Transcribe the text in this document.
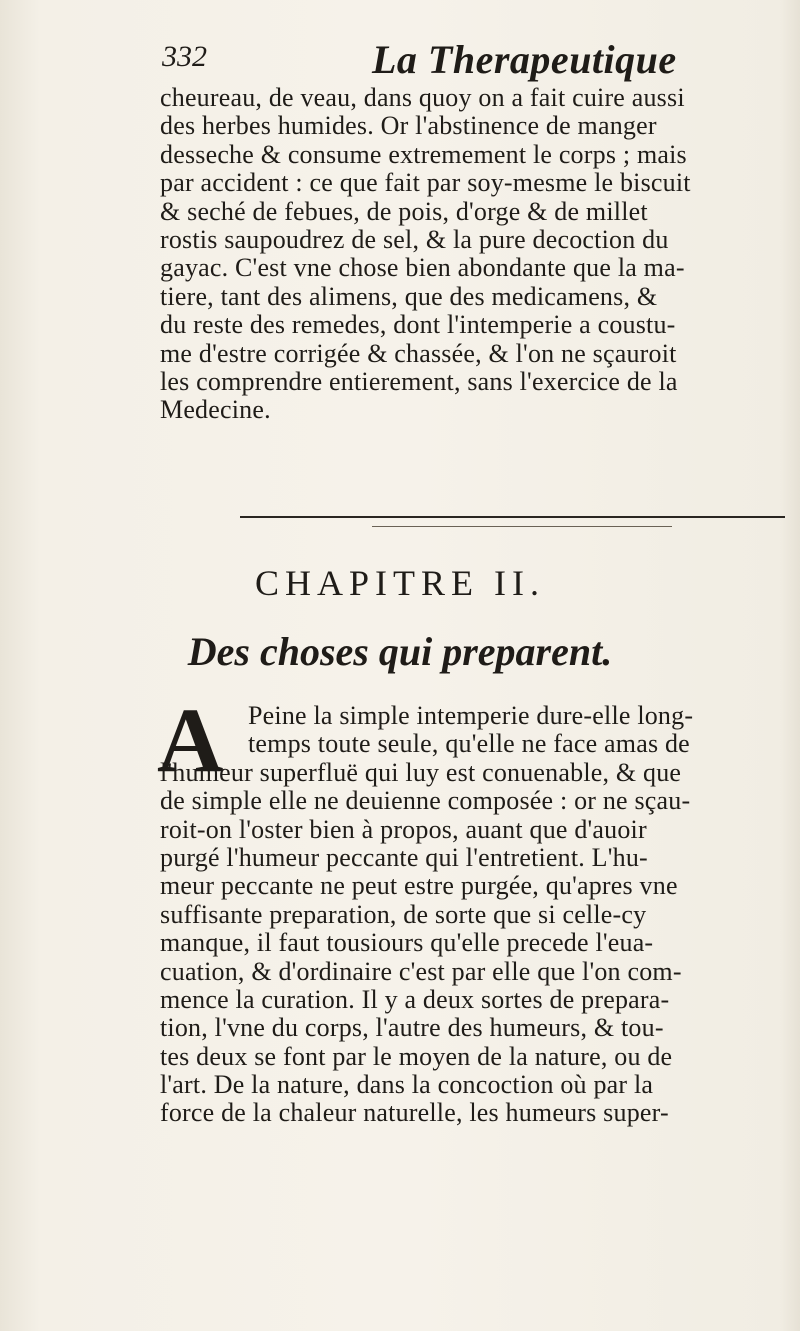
332	La Therapeutique
cheureau, de veau, dans quoy on a fait cuire aussi
des herbes humides. Or l'abstinence de manger
desseche & consume extremement le corps ; mais
par accident : ce que fait par soy-mesme le biscuit
& seché de febues, de pois, d'orge & de millet
rostis saupoudrez de sel, & la pure decoction du
gayac. C'est vne chose bien abondante que la ma-
tiere, tant des alimens, que des medicamens, &
du reste des remedes, dont l'intemperie a coustu-
me d'estre corrigée & chassée, & l'on ne sçauroit
les comprendre entierement, sans l'exercice de la
Medecine.
CHAPITRE II.
Des choses qui preparent.
A Peine la simple intemperie dure-elle long-
temps toute seule, qu'elle ne face amas de
l'humeur superfluë qui luy est conuenable, & que
de simple elle ne deuienne composée : or ne sçau-
roit-on l'oster bien à propos, auant que d'auoir
purgé l'humeur peccante qui l'entretient. L'hu-
meur peccante ne peut estre purgée, qu'apres vne
suffisante preparation, de sorte que si celle-cy
manque, il faut tousiours qu'elle precede l'eua-
cuation, & d'ordinaire c'est par elle que l'on com-
mence la curation. Il y a deux sortes de prepara-
tion, l'vne du corps, l'autre des humeurs, & tou-
tes deux se font par le moyen de la nature, ou de
l'art. De la nature, dans la concoction où par la
force de la chaleur naturelle, les humeurs super-
